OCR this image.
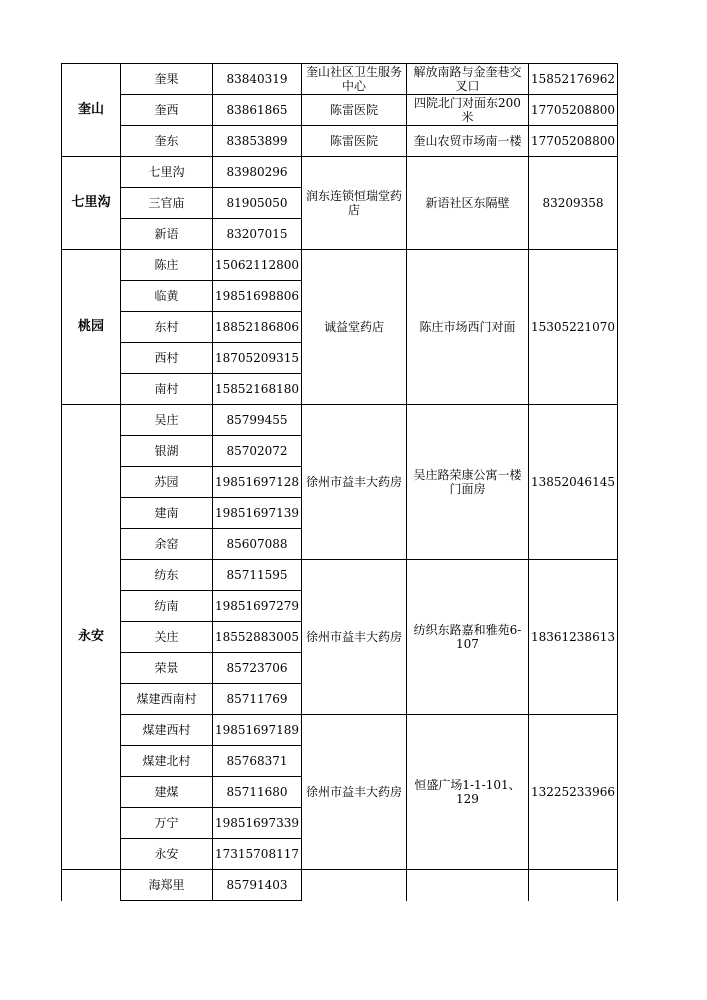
奎山	奎果	83840319	奎山社区卫生服务中心	解放南路与金奎巷交叉口	15852176962
	奎西	83861865	陈雷医院	四院北门对面东200米	17705208800
	奎东	83853899	陈雷医院	奎山农贸市场南一楼	17705208800
七里沟	七里沟	83980296	润东连锁恒瑞堂药店	新语社区东隔壁	83209358
	三官庙	81905050			
	新语	83207015			
桃园	陈庄	15062112800	诚益堂药店	陈庄市场西门对面	15305221070
	临黄	19851698806			
	东村	18852186806			
	西村	18705209315			
	南村	15852168180			
永安	吴庄	85799455	徐州市益丰大药房	吴庄路荣康公寓一楼门面房	13852046145
	银湖	85702072			
	苏园	19851697128			
	建南	19851697139			
	余窑	85607088			
	纺东	85711595	徐州市益丰大药房	纺织东路嘉和雅苑6-107	18361238613
	纺南	19851697279			
	关庄	18552883005			
	荣景	85723706			
	煤建西南村	85711769			
	煤建西村	19851697189	徐州市益丰大药房	恒盛广场1-1-101、129	13225233966
	煤建北村	85768371			
	建煤	85711680			
	万宁	19851697339			
	永安	17315708117			
	海郑里	85791403			
